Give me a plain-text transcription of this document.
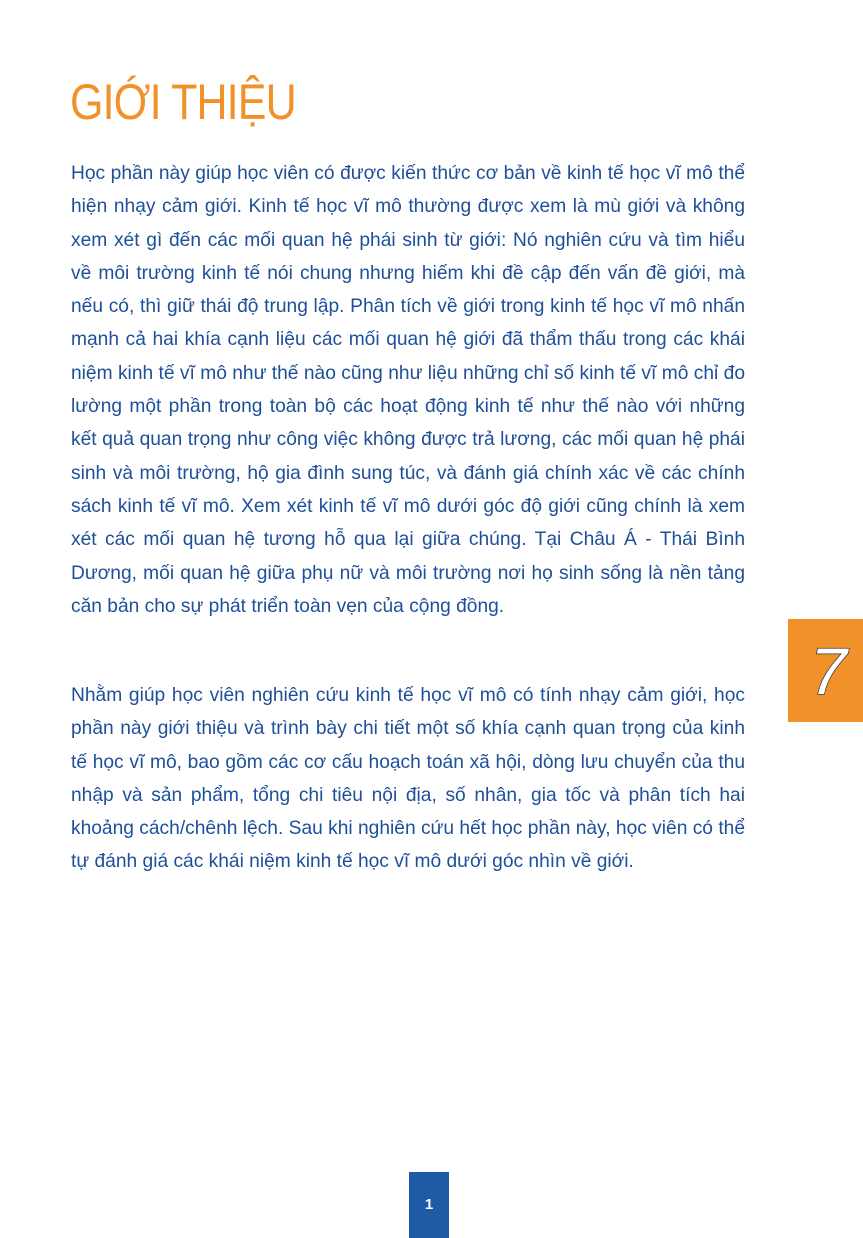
GIỚI THIỆU

Học phần này giúp học viên có được kiến thức cơ bản về kinh tế học vĩ mô thể hiện nhạy cảm giới. Kinh tế học vĩ mô thường được xem là mù giới và không xem xét gì đến các mối quan hệ phái sinh từ giới: Nó nghiên cứu và tìm hiểu về môi trường kinh tế nói chung nhưng hiếm khi đề cập đến vấn đề giới, mà nếu có, thì giữ thái độ trung lập. Phân tích về giới trong kinh tế học vĩ mô nhấn mạnh cả hai khía cạnh liệu các mối quan hệ giới đã thẩm thấu trong các khái niệm kinh tế vĩ mô như thế nào cũng như liệu những chỉ số kinh tế vĩ mô chỉ đo lường một phần trong toàn bộ các hoạt động kinh tế như thế nào với những kết quả quan trọng như công việc không được trả lương, các mối quan hệ phái sinh và môi trường, hộ gia đình sung túc, và đánh giá chính xác về các chính sách kinh tế vĩ mô. Xem xét kinh tế vĩ mô dưới góc độ giới cũng chính là xem xét các mối quan hệ tương hỗ qua lại giữa chúng. Tại Châu Á - Thái Bình Dương, mối quan hệ giữa phụ nữ và môi trường nơi họ sinh sống là nền tảng căn bản cho sự phát triển toàn vẹn của cộng đồng.

Nhằm giúp học viên nghiên cứu kinh tế học vĩ mô có tính nhạy cảm giới, học phần này giới thiệu và trình bày chi tiết một số khía cạnh quan trọng của kinh tế học vĩ mô, bao gồm các cơ cấu hoạch toán xã hội, dòng lưu chuyển của thu nhập và sản phẩm, tổng chi tiêu nội địa, số nhân, gia tốc và phân tích hai khoảng cách/chênh lệch. Sau khi nghiên cứu hết học phần này, học viên có thể tự đánh giá các khái niệm kinh tế học vĩ mô dưới góc nhìn về giới.

7
1
